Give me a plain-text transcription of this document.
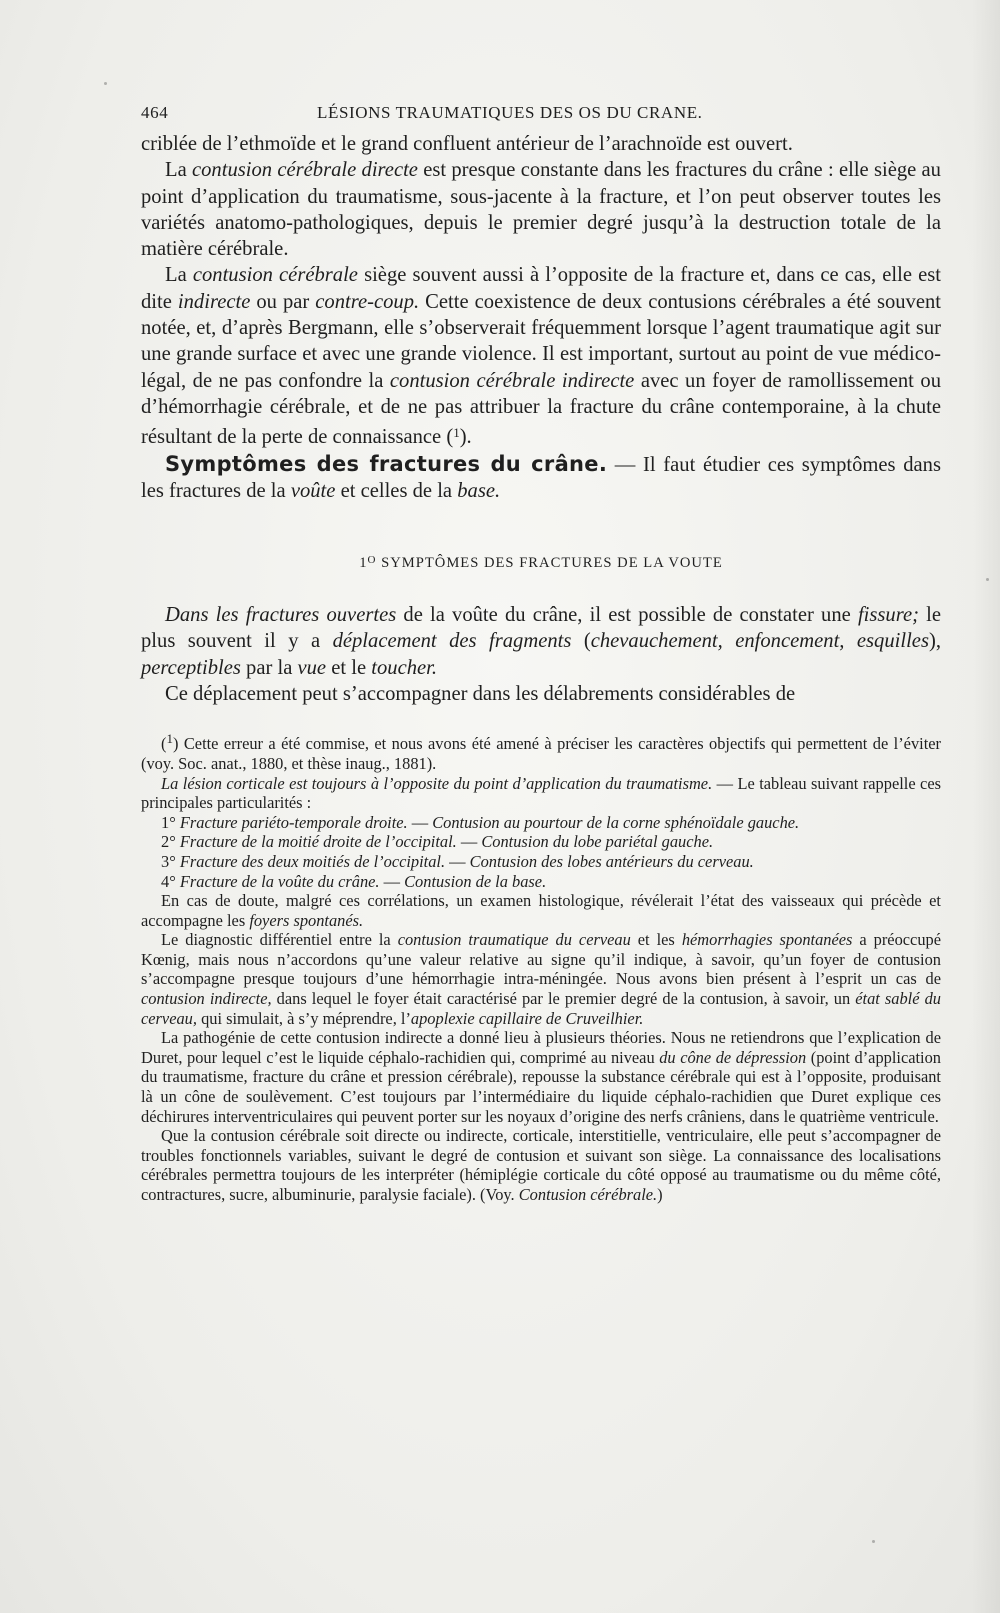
464	LÉSIONS TRAUMATIQUES DES OS DU CRANE.

criblée de l’ethmoïde et le grand confluent antérieur de l’arachnoïde est ouvert.

La contusion cérébrale directe est presque constante dans les fractures du crâne : elle siège au point d’application du traumatisme, sous-jacente à la fracture, et l’on peut observer toutes les variétés anatomo-pathologiques, depuis le premier degré jusqu’à la destruction totale de la matière cérébrale.

La contusion cérébrale siège souvent aussi à l’opposite de la fracture et, dans ce cas, elle est dite indirecte ou par contre-coup. Cette coexistence de deux contusions cérébrales a été souvent notée, et, d’après Bergmann, elle s’observerait fréquemment lorsque l’agent traumatique agit sur une grande surface et avec une grande violence. Il est important, surtout au point de vue médico-légal, de ne pas confondre la contusion cérébrale indirecte avec un foyer de ramollissement ou d’hémorrhagie cérébrale, et de ne pas attribuer la fracture du crâne contemporaine, à la chute résultant de la perte de connaissance ($^1$).

Symptômes des fractures du crâne. — Il faut étudier ces symptômes dans les fractures de la voûte et celles de la base.

$1^O$ SYMPTÔMES DES FRACTURES DE LA VOUTE

Dans les fractures ouvertes de la voûte du crâne, il est possible de constater une fissure; le plus souvent il y a déplacement des fragments (chevauchement, enfoncement, esquilles), perceptibles par la vue et le toucher.

Ce déplacement peut s’accompagner dans les délabrements considérables de

($^1$) Cette erreur a été commise, et nous avons été amené à préciser les caractères objectifs qui permettent de l’éviter (voy. Soc. anat., 1880, et thèse inaug., 1881).

La lésion corticale est toujours à l’opposite du point d’application du traumatisme. — Le tableau suivant rappelle ces principales particularités :

1° Fracture pariéto-temporale droite. — Contusion au pourtour de la corne sphénoïdale gauche.

2° Fracture de la moitié droite de l’occipital. — Contusion du lobe pariétal gauche.

3° Fracture des deux moitiés de l’occipital. — Contusion des lobes antérieurs du cerveau.

4° Fracture de la voûte du crâne. — Contusion de la base.

En cas de doute, malgré ces corrélations, un examen histologique, révélerait l’état des vaisseaux qui précède et accompagne les foyers spontanés.

Le diagnostic différentiel entre la contusion traumatique du cerveau et les hémorrhagies spontanées a préoccupé Kœnig, mais nous n’accordons qu’une valeur relative au signe qu’il indique, à savoir, qu’un foyer de contusion s’accompagne presque toujours d’une hémorrhagie intra-méningée. Nous avons bien présent à l’esprit un cas de contusion indirecte, dans lequel le foyer était caractérisé par le premier degré de la contusion, à savoir, un état sablé du cerveau, qui simulait, à s’y méprendre, l’apoplexie capillaire de Cruveilhier.

La pathogénie de cette contusion indirecte a donné lieu à plusieurs théories. Nous ne retiendrons que l’explication de Duret, pour lequel c’est le liquide céphalo-rachidien qui, comprimé au niveau du cône de dépression (point d’application du traumatisme, fracture du crâne et pression cérébrale), repousse la substance cérébrale qui est à l’opposite, produisant là un cône de soulèvement. C’est toujours par l’intermédiaire du liquide céphalo-rachidien que Duret explique ces déchirures interventriculaires qui peuvent porter sur les noyaux d’origine des nerfs crâniens, dans le quatrième ventricule.

Que la contusion cérébrale soit directe ou indirecte, corticale, interstitielle, ventriculaire, elle peut s’accompagner de troubles fonctionnels variables, suivant le degré de contusion et suivant son siège. La connaissance des localisations cérébrales permettra toujours de les interpréter (hémiplégie corticale du côté opposé au traumatisme ou du même côté, contractures, sucre, albuminurie, paralysie faciale). (Voy. Contusion cérébrale.)
